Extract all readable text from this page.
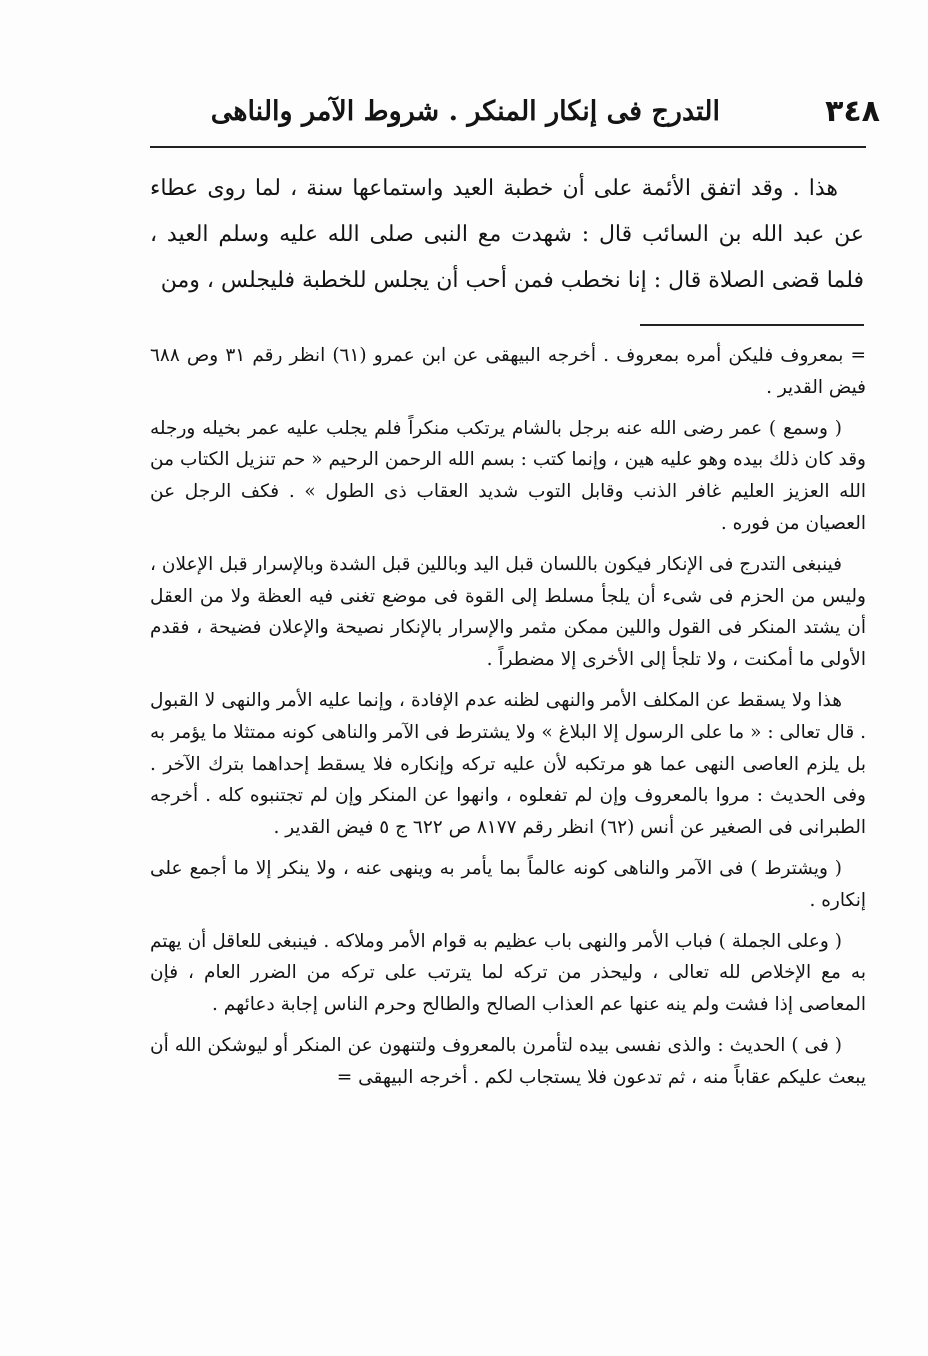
٣٤٨
التدرج فى إنكار المنكر . شروط الآمر والناهى

هذا . وقد اتفق الأئمة على أن خطبة العيد واستماعها سنة ، لما روى عطاء عن عبد الله بن السائب قال : شهدت مع النبى صلى الله عليه وسلم العيد ، فلما قضى الصلاة قال : إنا نخطب فمن أحب أن يجلس للخطبة فليجلس ، ومن

= بمعروف فليكن أمره بمعروف . أخرجه البيهقى عن ابن عمرو (٦١) انظر رقم ٣١ وص ٦٨٨ فيض القدير .

( وسمع ) عمر رضى الله عنه برجل بالشام يرتكب منكراً فلم يجلب عليه عمر بخيله ورجله وقد كان ذلك بيده وهو عليه هين ، وإنما كتب : بسم الله الرحمن الرحيم « حم تنزيل الكتاب من الله العزيز العليم غافر الذنب وقابل التوب شديد العقاب ذى الطول » . فكف الرجل عن العصيان من فوره .

فينبغى التدرج فى الإنكار فيكون باللسان قبل اليد وباللين قبل الشدة وبالإسرار قبل الإعلان ، وليس من الحزم فى شىء أن يلجأ مسلط إلى القوة فى موضع تغنى فيه العظة ولا من العقل أن يشتد المنكر فى القول واللين ممكن مثمر والإسرار بالإنكار نصيحة والإعلان فضيحة ، فقدم الأولى ما أمكنت ، ولا تلجأ إلى الأخرى إلا مضطراً .

هذا ولا يسقط عن المكلف الأمر والنهى لظنه عدم الإفادة ، وإنما عليه الأمر والنهى لا القبول . قال تعالى : « ما على الرسول إلا البلاغ » ولا يشترط فى الآمر والناهى كونه ممتثلا ما يؤمر به بل يلزم العاصى النهى عما هو مرتكبه لأن عليه تركه وإنكاره فلا يسقط إحداهما بترك الآخر . وفى الحديث : مروا بالمعروف وإن لم تفعلوه ، وانهوا عن المنكر وإن لم تجتنبوه كله . أخرجه الطبرانى فى الصغير عن أنس (٦٢) انظر رقم ٨١٧٧ ص ٦٢٢ ج ٥ فيض القدير .

( ويشترط ) فى الآمر والناهى كونه عالماً بما يأمر به وينهى عنه ، ولا ينكر إلا ما أجمع على إنكاره .

( وعلى الجملة ) فباب الأمر والنهى باب عظيم به قوام الأمر وملاكه . فينبغى للعاقل أن يهتم به مع الإخلاص لله تعالى ، وليحذر من تركه لما يترتب على تركه من الضرر العام ، فإن المعاصى إذا فشت ولم ينه عنها عم العذاب الصالح والطالح وحرم الناس إجابة دعائهم .

( فى ) الحديث : والذى نفسى بيده لتأمرن بالمعروف ولتنهون عن المنكر أو ليوشكن الله أن يبعث عليكم عقاباً منه ، ثم تدعون فلا يستجاب لكم . أخرجه البيهقى =
